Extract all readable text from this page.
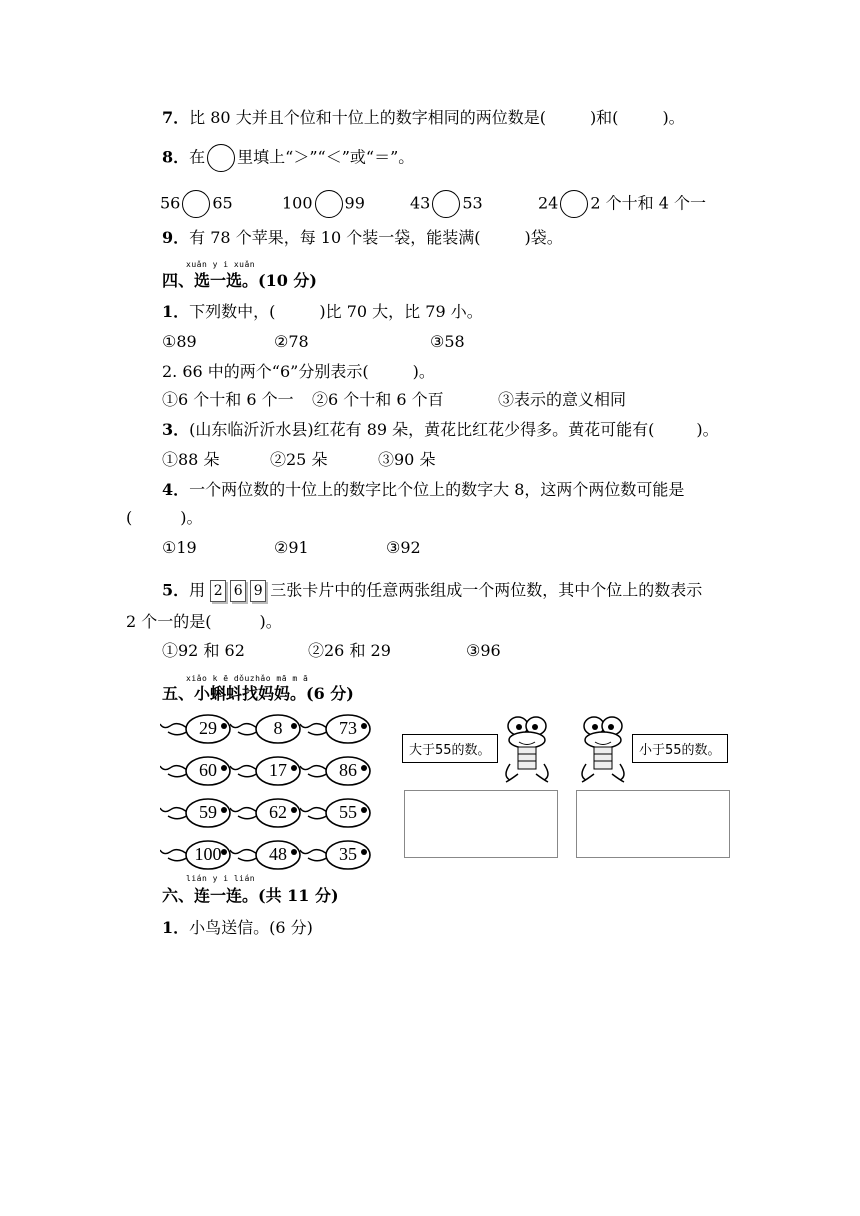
7．比 80 大并且个位和十位上的数字相同的两位数是(	)和(	)。
8．在 里填上“＞”“＜”或“＝”。
56 65	100 99	43 53	24 2 个十和 4 个一
9．有 78 个苹果，每 10 个装一袋，能装满(	)袋。
xuǎn y i xuǎn
四、选一选。(10 分)
1．下列数中，(	)比 70 大，比 79 小。
①89	②78	③58
2. 66 中的两个“6”分别表示(	)。
①6 个十和 6 个一 ②6 个十和 6 个百	③表示的意义相同
3．(山东临沂沂水县)红花有 89 朵，黄花比红花少得多。黄花可能有(	)。
①88 朵	②25 朵	③90 朵
4．一个两位数的十位上的数字比个位上的数字大 8，这两个两位数可能是
(	)。
①19	②91	③92
5．用 2 6 9 三张卡片中的任意两张组成一个两位数，其中个位上的数表示
2 个一的是(	)。
①92 和 62	②26 和 29	③96
xiǎo k ē dǒuzhǎo mā m ā
五、小蝌蚪找妈妈。(6 分)
29	8	73
60	17	86
59	62	55
100	48	35
大于55的数。	小于55的数。
lián y i lián
六、连一连。(共 11 分)
1．小鸟送信。(6 分)
